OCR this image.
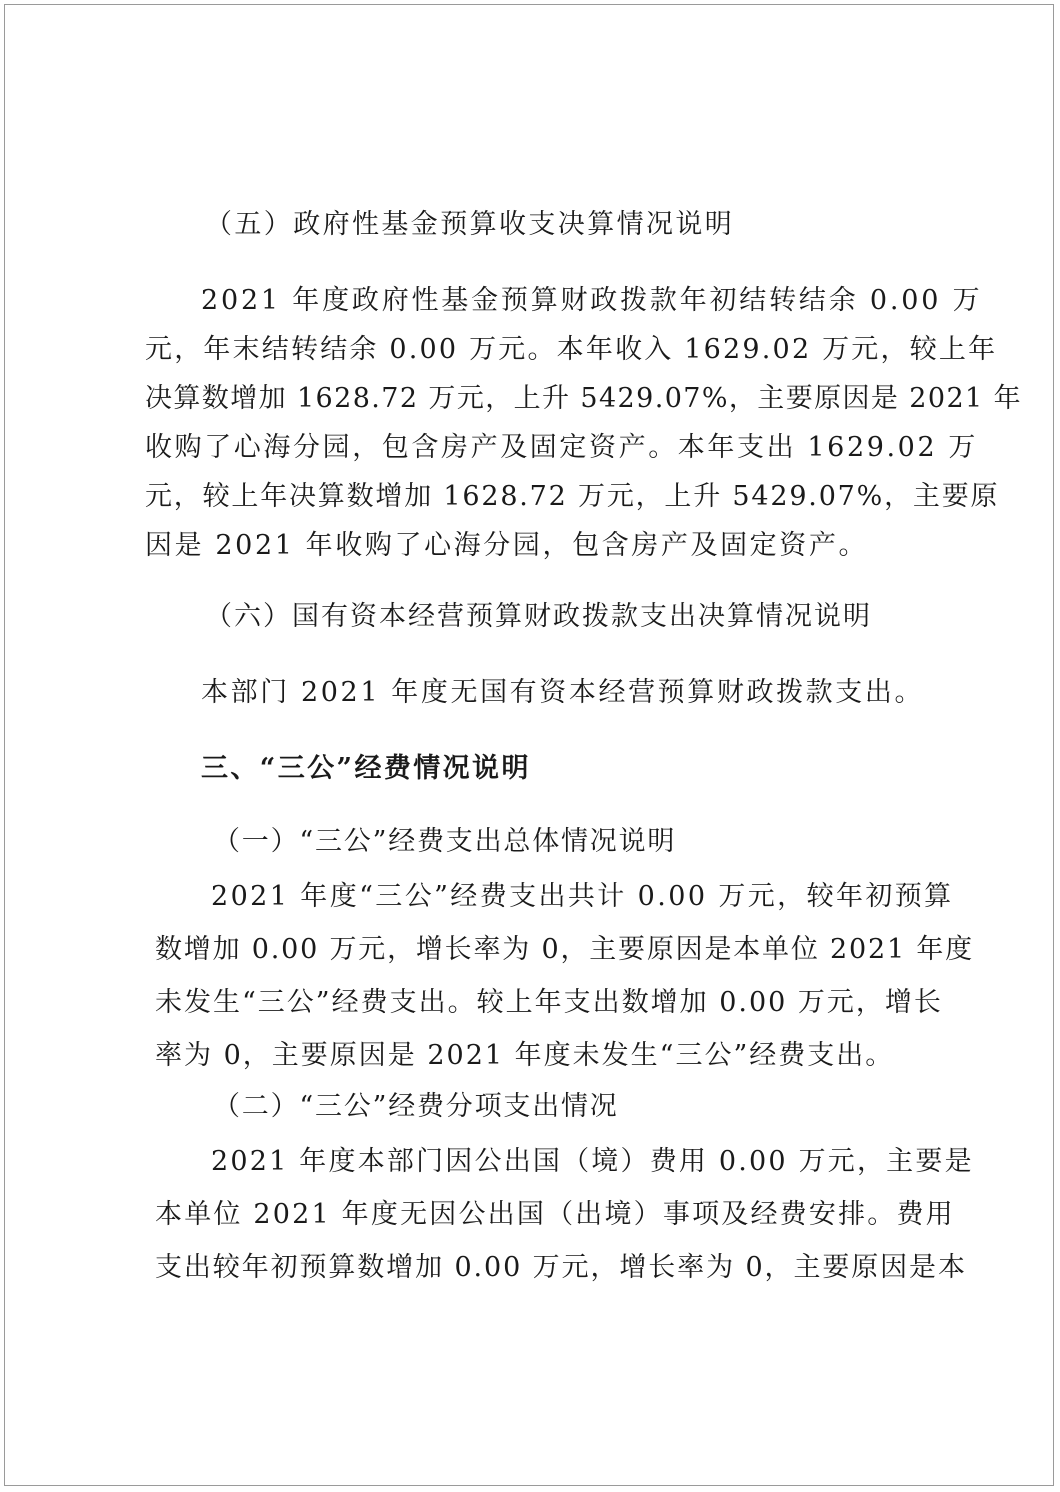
（五）政府性基金预算收支决算情况说明
2021 年度政府性基金预算财政拨款年初结转结余 0.00 万
元，年末结转结余 0.00 万元。本年收入 1629.02 万元，较上年
决算数增加 1628.72 万元，上升 5429.07%，主要原因是 2021 年
收购了心海分园，包含房产及固定资产。本年支出 1629.02 万
元，较上年决算数增加 1628.72 万元，上升 5429.07%，主要原
因是 2021 年收购了心海分园，包含房产及固定资产。
（六）国有资本经营预算财政拨款支出决算情况说明
本部门 2021 年度无国有资本经营预算财政拨款支出。
三、“三公”经费情况说明
（一）“三公”经费支出总体情况说明
2021 年度“三公”经费支出共计 0.00 万元，较年初预算
数增加 0.00 万元，增长率为 0，主要原因是本单位 2021 年度
未发生“三公”经费支出。较上年支出数增加 0.00 万元，增长
率为 0，主要原因是 2021 年度未发生“三公”经费支出。
（二）“三公”经费分项支出情况
2021 年度本部门因公出国（境）费用 0.00 万元，主要是
本单位 2021 年度无因公出国（出境）事项及经费安排。费用
支出较年初预算数增加 0.00 万元，增长率为 0，主要原因是本
